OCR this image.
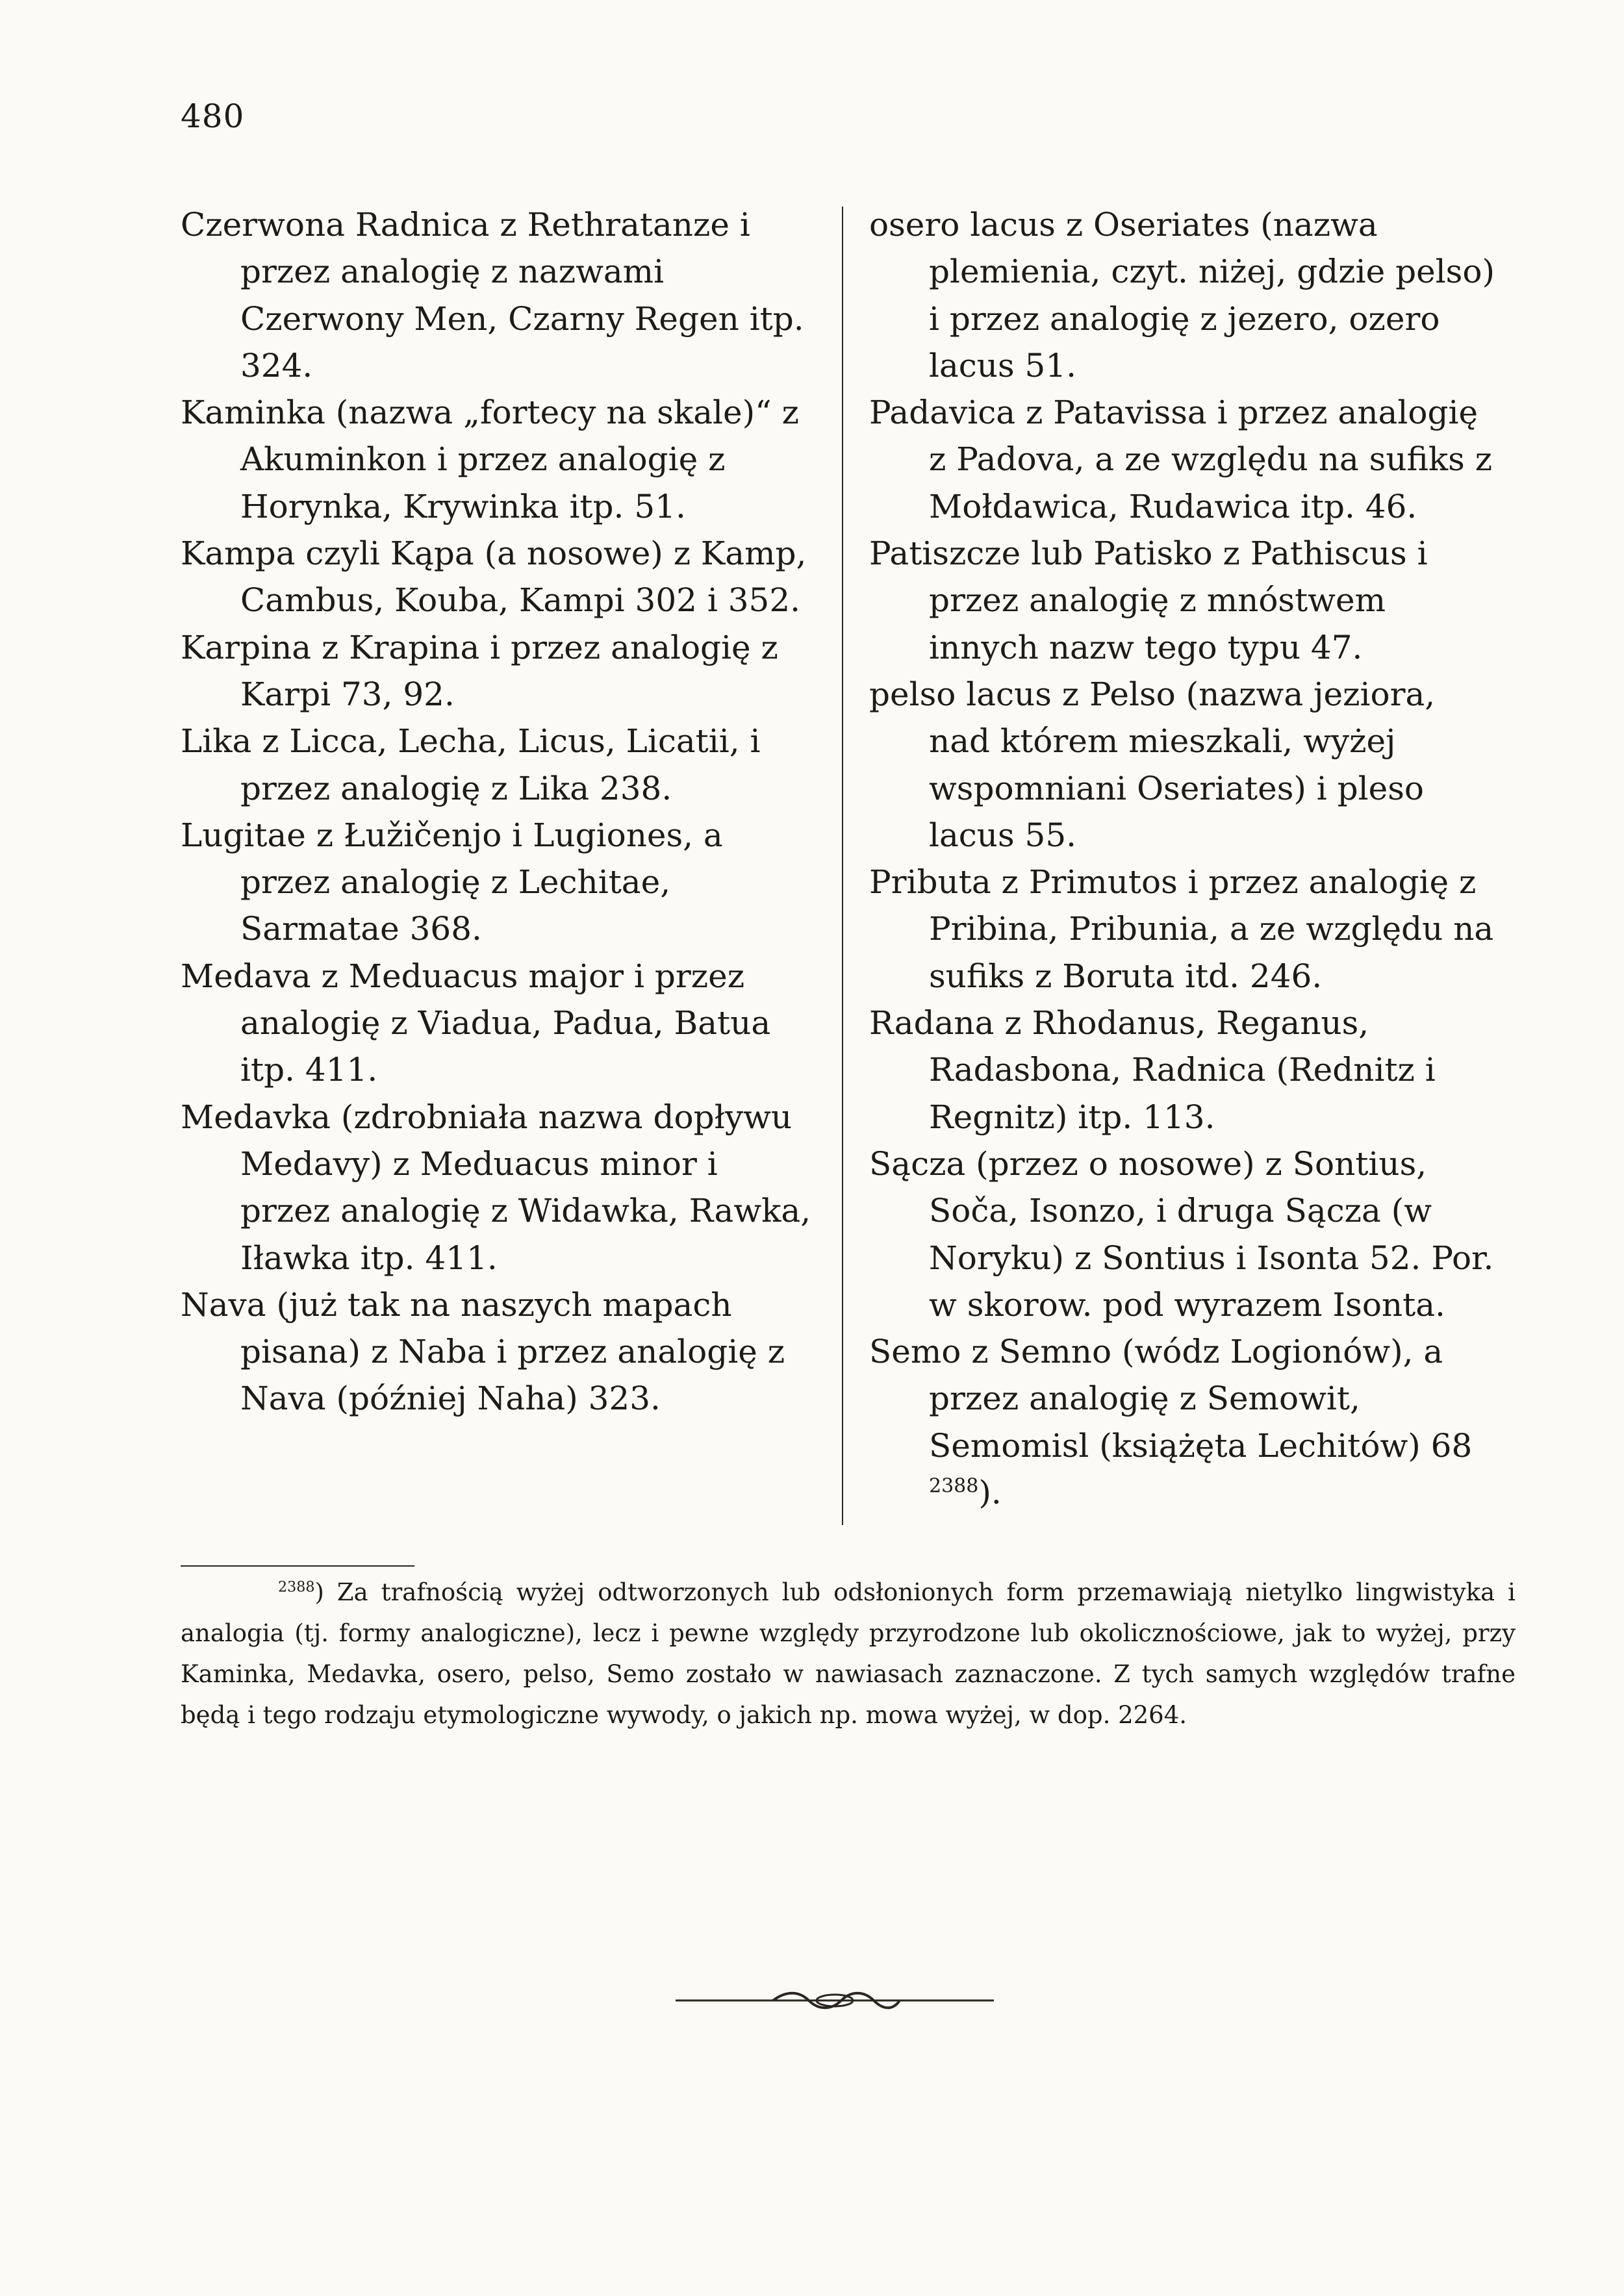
480

Czerwona Radnica z Rethratanze i przez analogię z nazwami Czerwony Men, Czarny Regen itp. 324.

Kaminka (nazwa „fortecy na skale)“ z Akuminkon i przez analogię z Horynka, Krywinka itp. 51.

Kampa czyli Kąpa (a nosowe) z Kamp, Cambus, Kouba, Kampi 302 i 352.

Karpina z Krapina i przez analogię z Karpi 73, 92.

Lika z Licca, Lecha, Licus, Licatii, i przez analogię z Lika 238.

Lugitae z Łužičenjo i Lugiones, a przez analogię z Lechitae, Sarmatae 368.

Medava z Meduacus major i przez analogię z Viadua, Padua, Batua itp. 411.

Medavka (zdrobniała nazwa dopływu Medavy) z Meduacus minor i przez analogię z Widawka, Rawka, Iławka itp. 411.

Nava (już tak na naszych mapach pisana) z Naba i przez analogię z Nava (później Naha) 323.

osero lacus z Oseriates (nazwa plemienia, czyt. niżej, gdzie pelso) i przez analogię z jezero, ozero lacus 51.

Padavica z Patavissa i przez analogię z Padova, a ze względu na sufiks z Mołdawica, Rudawica itp. 46.

Patiszcze lub Patisko z Pathiscus i przez analogię z mnóstwem innych nazw tego typu 47.

pelso lacus z Pelso (nazwa jeziora, nad którem mieszkali, wyżej wspomniani Oseriates) i pleso lacus 55.

Pributa z Primutos i przez analogię z Pribina, Pribunia, a ze względu na sufiks z Boruta itd. 246.

Radana z Rhodanus, Reganus, Radasbona, Radnica (Rednitz i Regnitz) itp. 113.

Sącza (przez o nosowe) z Sontius, Soča, Isonzo, i druga Sącza (w Noryku) z Sontius i Isonta 52. Por. w skorow. pod wyrazem Isonta.

Semo z Semno (wódz Logionów), a przez analogię z Semowit, Semomisl (książęta Lechitów) 68 $^{2388}$).

$^{2388}$) Za trafnością wyżej odtworzonych lub odsłonionych form przemawiają nietylko lingwistyka i analogia (tj. formy analogiczne), lecz i pewne względy przyrodzone lub okolicznościowe, jak to wyżej, przy Kaminka, Medavka, osero, pelso, Semo zostało w nawiasach zaznaczone. Z tych samych względów trafne będą i tego rodzaju etymologiczne wywody, o jakich np. mowa wyżej, w dop. 2264.
